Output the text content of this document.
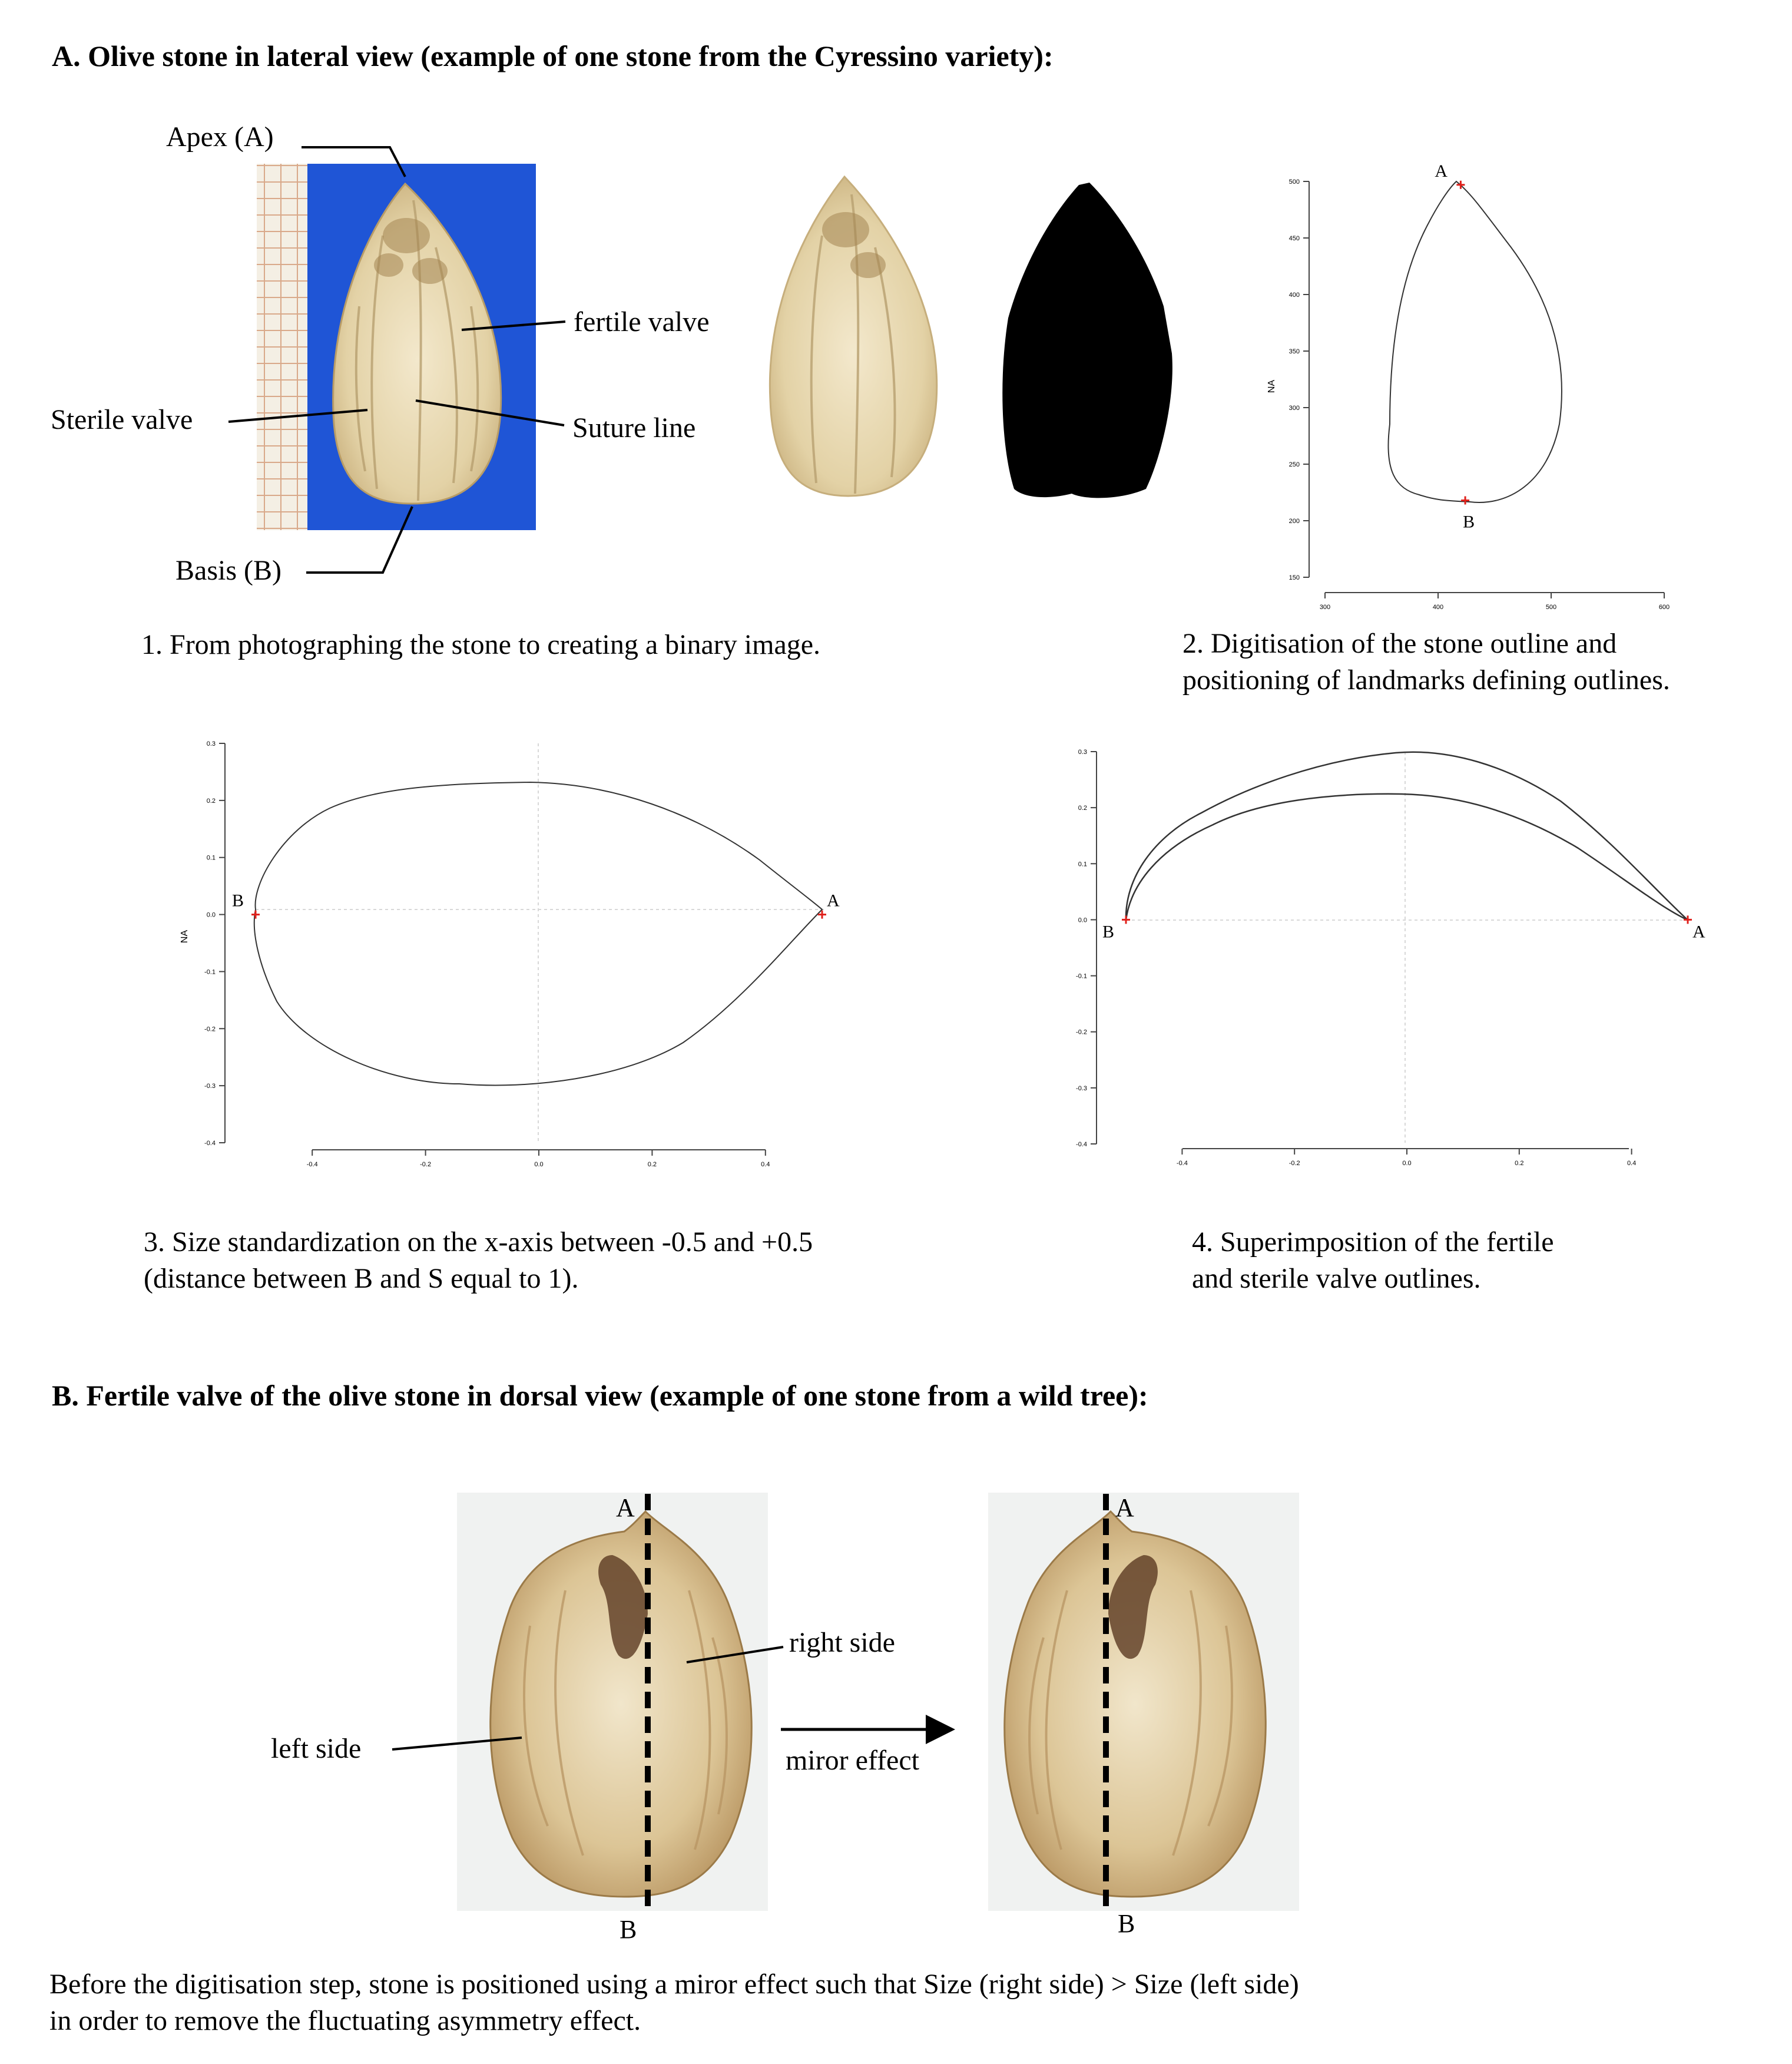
A. Olive stone in lateral view (example of one stone from the Cyressino variety):
Apex (A)
fertile valve
Sterile valve	Suture line
Basis (B)	150
200
250
300
350
400
450
500
300	400	500	600
NA
A
B
1. From photographing the stone to creating a binary image.	2. Digitisation of the stone outline and
positioning of landmarks defining outlines.
0.3
0.2
0.1
0.0
-0.1
-0.2
-0.3
-0.4
-0.4	-0.2	0.0	0.2	0.4
NA
B	A
0.3
0.2
0.1
0.0
-0.1
-0.2
-0.3
-0.4
-0.4	-0.2	0.0	0.2	0.4
B	A
3. Size standardization on the x-axis between -0.5 and +0.5
(distance between B and S equal to 1).
4. Superimposition of the fertile
and sterile valve outlines.
B. Fertile valve of the olive stone in dorsal view (example of one stone from a wild tree):
A
B
A
B
right side
left side	miror effect
Before the digitisation step, stone is positioned using a miror effect such that Size (right side) > Size (left side)
in order to remove the fluctuating asymmetry effect.
